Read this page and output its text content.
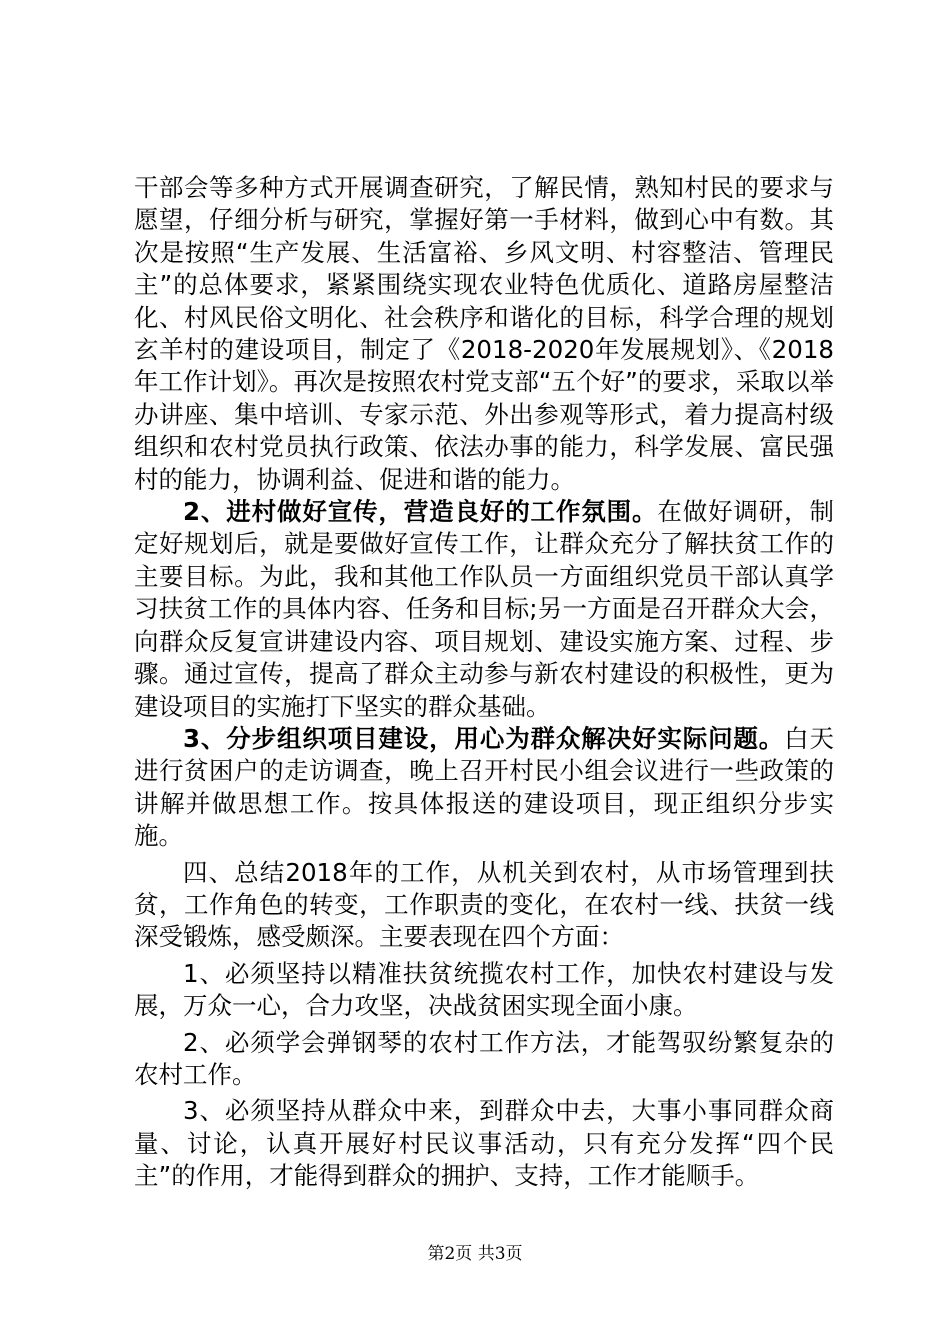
干部会等多种方式开展调查研究，了解民情，熟知村民的要求与愿望，仔细分析与研究，掌握好第一手材料，做到心中有数。其次是按照“生产发展、生活富裕、乡风文明、村容整洁、管理民主”的总体要求，紧紧围绕实现农业特色优质化、道路房屋整洁化、村风民俗文明化、社会秩序和谐化的目标，科学合理的规划玄羊村的建设项目，制定了《2018-2020年发展规划》、《2018年工作计划》。再次是按照农村党支部“五个好”的要求，采取以举办讲座、集中培训、专家示范、外出参观等形式，着力提高村级组织和农村党员执行政策、依法办事的能力，科学发展、富民强村的能力，协调利益、促进和谐的能力。

2、进村做好宣传，营造良好的工作氛围。在做好调研，制定好规划后，就是要做好宣传工作，让群众充分了解扶贫工作的主要目标。为此，我和其他工作队员一方面组织党员干部认真学习扶贫工作的具体内容、任务和目标;另一方面是召开群众大会，向群众反复宣讲建设内容、项目规划、建设实施方案、过程、步骤。通过宣传，提高了群众主动参与新农村建设的积极性，更为建设项目的实施打下坚实的群众基础。

3、分步组织项目建设，用心为群众解决好实际问题。白天进行贫困户的走访调查，晚上召开村民小组会议进行一些政策的讲解并做思想工作。按具体报送的建设项目，现正组织分步实施。

四、总结2018年的工作，从机关到农村，从市场管理到扶贫，工作角色的转变，工作职责的变化，在农村一线、扶贫一线深受锻炼，感受颇深。主要表现在四个方面：

1、必须坚持以精准扶贫统揽农村工作，加快农村建设与发展，万众一心，合力攻坚，决战贫困实现全面小康。

2、必须学会弹钢琴的农村工作方法，才能驾驭纷繁复杂的农村工作。

3、必须坚持从群众中来，到群众中去，大事小事同群众商量、讨论，认真开展好村民议事活动，只有充分发挥“四个民主”的作用，才能得到群众的拥护、支持，工作才能顺手。

第2页 共3页
